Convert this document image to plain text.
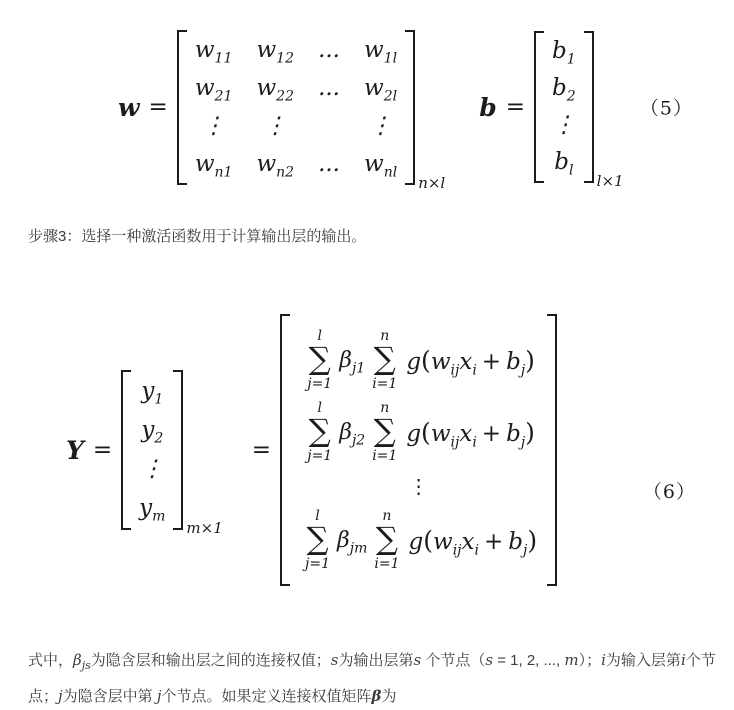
w =
$w_{11}$ $w_{12}$ ... $w_{1l}$
$w_{21}$ $w_{22}$ ... $w_{2l}$
⋮ ⋮	⋮
$w_{n1}$ $w_{n2}$ ... $w_{nl}$
n×l
b =
$b_1$
$b_2$
⋮
$b_l$
l×1
（5）
步骤3：选择一种激活函数用于计算输出层的输出。
Y =
$y_1$
$y_2$
⋮
$y_m$
m×1
=
l
∑
j=1
$\beta_{j1}$
n
∑
i=1
$g(w_{ij}x_i + b_j)$
l
∑
j=1
$\beta_{j2}$
n
∑
i=1
$g(w_{ij}x_i + b_j)$
⋮
l
∑
j=1
$\beta_{jm}$
n
∑
i=1
$g(w_{ij}x_i + b_j)$
（6）

式中，$\beta_{js}$为隐含层和输出层之间的连接权值；s为输出层第s 个节点（s = 1, 2, ..., m）；i为输入层第i个节点；j为隐含层中第 j个节点。如果定义连接权值矩阵β为
